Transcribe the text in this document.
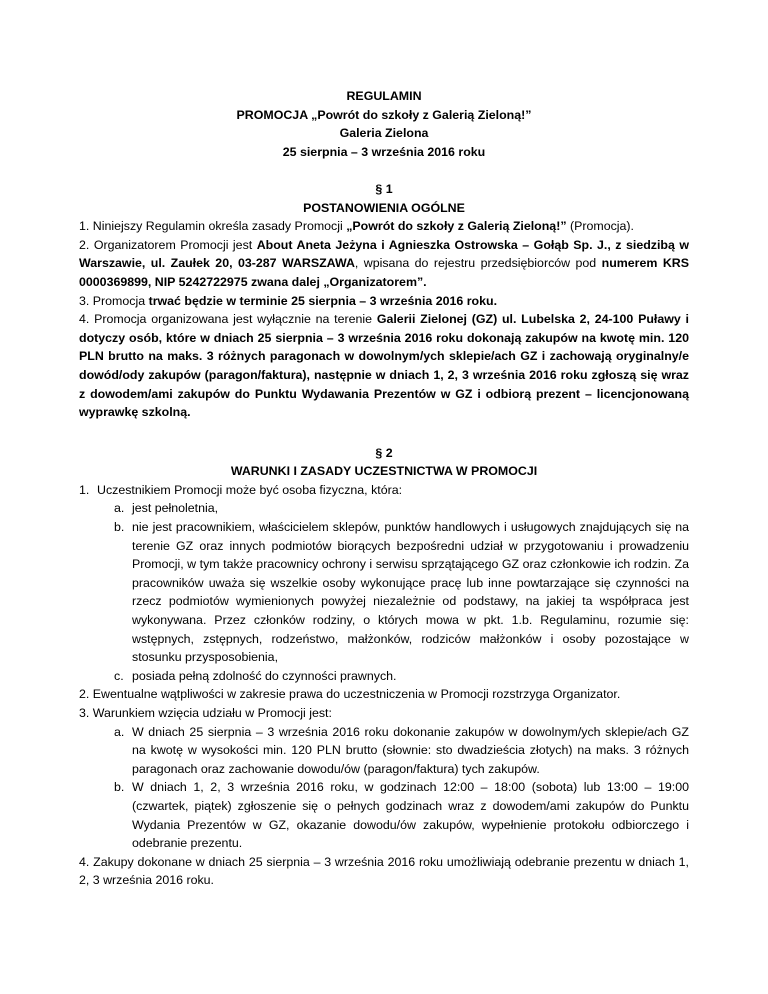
REGULAMIN
PROMOCJA „Powrót do szkoły z Galerią Zieloną!”
Galeria Zielona
25 sierpnia – 3 września 2016 roku
§ 1
POSTANOWIENIA OGÓLNE

1. Niniejszy Regulamin określa zasady Promocji „Powrót do szkoły z Galerią Zieloną!” (Promocja).

2. Organizatorem Promocji jest About Aneta Jeżyna i Agnieszka Ostrowska – Gołąb Sp. J., z siedzibą w Warszawie, ul. Zaułek 20, 03-287 WARSZAWA, wpisana do rejestru przedsiębiorców pod numerem KRS 0000369899, NIP 5242722975 zwana dalej „Organizatorem”.

3. Promocja trwać będzie w terminie 25 sierpnia – 3 września 2016 roku.

4. Promocja organizowana jest wyłącznie na terenie Galerii Zielonej (GZ) ul. Lubelska 2, 24-100 Puławy i dotyczy osób, które w dniach 25 sierpnia – 3 września 2016 roku dokonają zakupów na kwotę min. 120 PLN brutto na maks. 3 różnych paragonach w dowolnym/ych sklepie/ach GZ i zachowają oryginalny/e dowód/ody zakupów (paragon/faktura), następnie w dniach 1, 2, 3 września 2016 roku zgłoszą się wraz z dowodem/ami zakupów do Punktu Wydawania Prezentów w GZ i odbiorą prezent – licencjonowaną wyprawkę szkolną.

§ 2
WARUNKI I ZASADY UCZESTNICTWA W PROMOCJI
1. Uczestnikiem Promocji może być osoba fizyczna, która:
a. jest pełnoletnia,
b. nie jest pracownikiem, właścicielem sklepów, punktów handlowych i usługowych znajdujących się na terenie GZ oraz innych podmiotów biorących bezpośredni udział w przygotowaniu i prowadzeniu Promocji, w tym także pracownicy ochrony i serwisu sprzątającego GZ oraz członkowie ich rodzin. Za pracowników uważa się wszelkie osoby wykonujące pracę lub inne powtarzające się czynności na rzecz podmiotów wymienionych powyżej niezależnie od podstawy, na jakiej ta współpraca jest wykonywana. Przez członków rodziny, o których mowa w pkt. 1.b. Regulaminu, rozumie się: wstępnych, zstępnych, rodzeństwo, małżonków, rodziców małżonków i osoby pozostające w stosunku przysposobienia,
c. posiada pełną zdolność do czynności prawnych.

2. Ewentualne wątpliwości w zakresie prawa do uczestniczenia w Promocji rozstrzyga Organizator.

3. Warunkiem wzięcia udziału w Promocji jest:

a. W dniach 25 sierpnia – 3 września 2016 roku dokonanie zakupów w dowolnym/ych sklepie/ach GZ na kwotę w wysokości min. 120 PLN brutto (słownie: sto dwadzieścia złotych) na maks. 3 różnych paragonach oraz zachowanie dowodu/ów (paragon/faktura) tych zakupów.
b. W dniach 1, 2, 3 września 2016 roku, w godzinach 12:00 – 18:00 (sobota) lub 13:00 – 19:00 (czwartek, piątek) zgłoszenie się o pełnych godzinach wraz z dowodem/ami zakupów do Punktu Wydania Prezentów w GZ, okazanie dowodu/ów zakupów, wypełnienie protokołu odbiorczego i odebranie prezentu.

4. Zakupy dokonane w dniach 25 sierpnia – 3 września 2016 roku umożliwiają odebranie prezentu w dniach 1, 2, 3 września 2016 roku.
